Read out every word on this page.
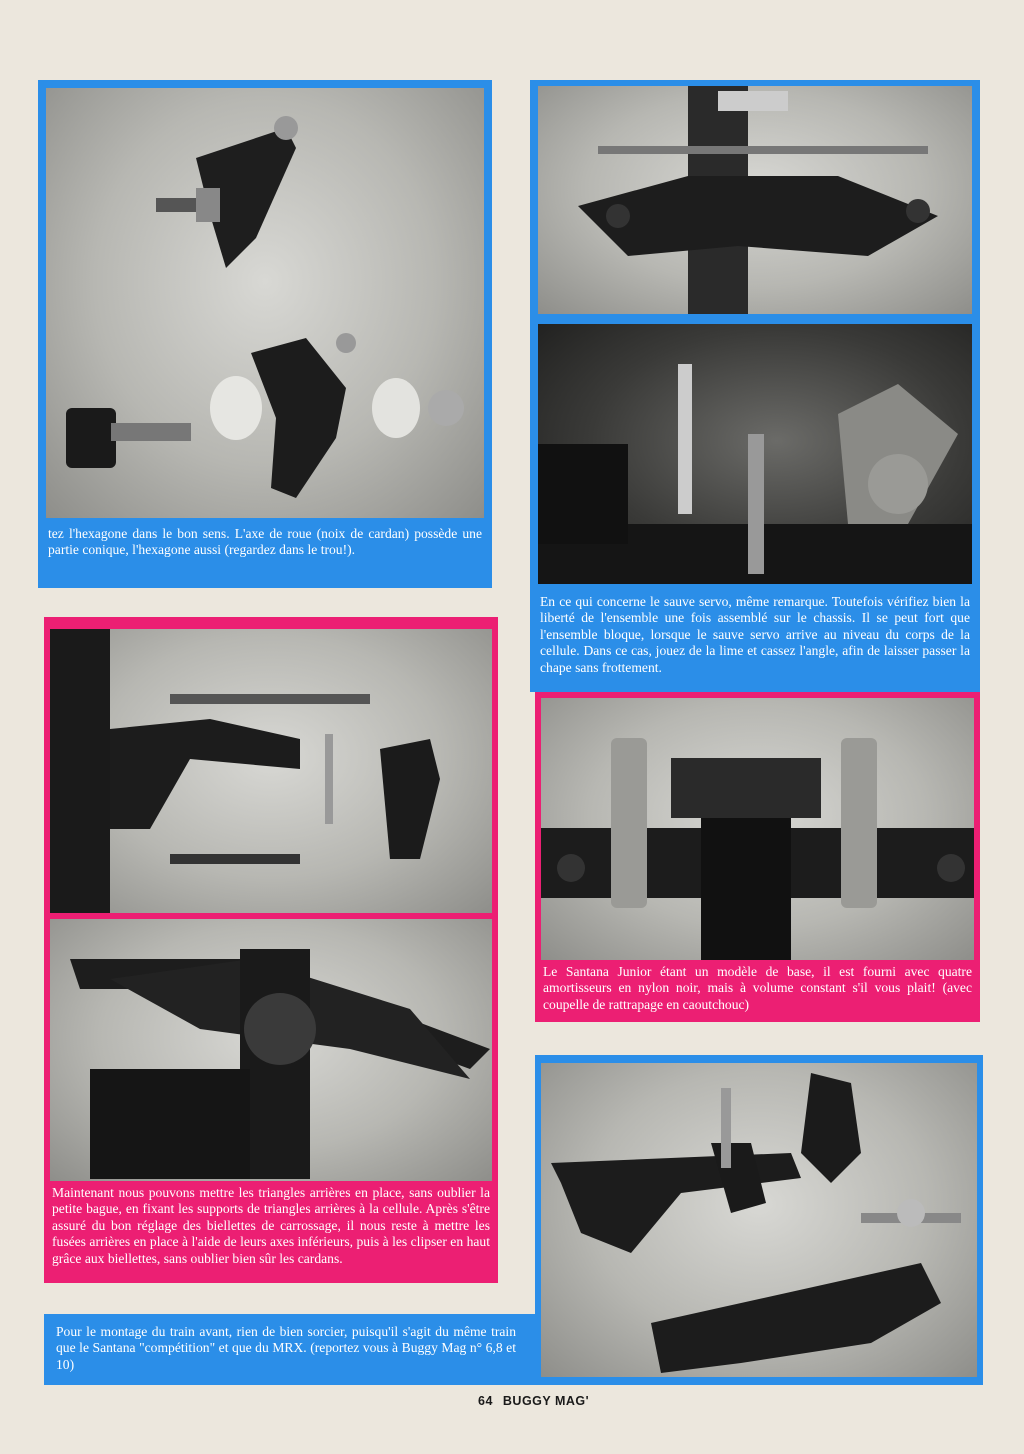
tez l'hexagone dans le bon sens. L'axe de roue (noix de cardan) possède une partie conique, l'hexagone aussi (regardez dans le trou!).
En ce qui concerne le sauve servo, même remarque. Toutefois vérifiez bien la liberté de l'ensemble une fois assemblé sur le chassis. Il se peut fort que l'ensemble bloque, lorsque le sauve servo arrive au niveau du corps de la cellule. Dans ce cas, jouez de la lime et cassez l'angle, afin de laisser passer la chape sans frottement.
Maintenant nous pouvons mettre les triangles arrières en place, sans oublier la petite bague, en fixant les supports de triangles arrières à la cellule. Après s'être assuré du bon réglage des biellettes de carrossage, il nous reste à mettre les fusées arrières en place à l'aide de leurs axes inférieurs, puis à les clipser en haut grâce aux biellettes, sans oublier bien sûr les cardans.
Le Santana Junior étant un modèle de base, il est fourni avec quatre amortisseurs en nylon noir, mais à volume constant s'il vous plait! (avec coupelle de rattrapage en caoutchouc)
Pour le montage du train avant, rien de bien sorcier, puisqu'il s'agit du même train que le Santana "compétition" et que du MRX. (reportez vous à Buggy Mag n° 6,8 et 10)
64 BUGGY MAG'
